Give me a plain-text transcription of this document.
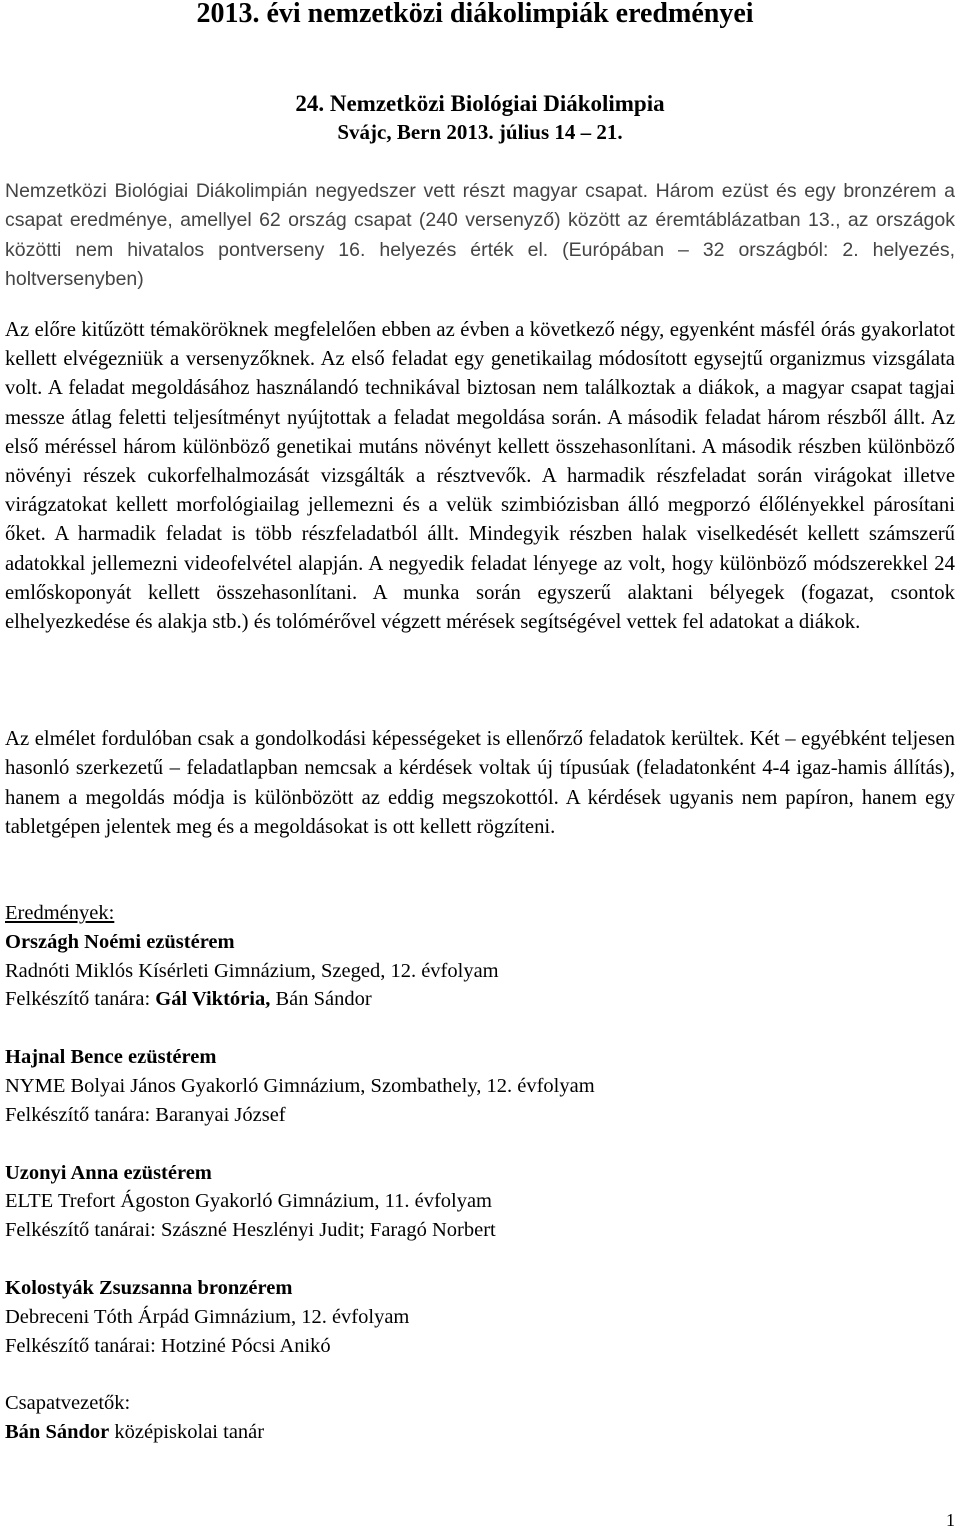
2013. évi nemzetközi diákolimpiák eredményei
24. Nemzetközi Biológiai Diákolimpia
Svájc, Bern 2013. július 14 – 21.
Nemzetközi Biológiai Diákolimpián negyedszer vett részt magyar csapat. Három ezüst és egy bronzérem a csapat eredménye, amellyel 62 ország csapat (240 versenyző) között az éremtáblázatban 13., az országok közötti nem hivatalos pontverseny 16. helyezés érték el. (Európában – 32 országból: 2. helyezés, holtversenyben)
Az előre kitűzött témaköröknek megfelelően ebben az évben a következő négy, egyenként másfél órás gyakorlatot kellett elvégezniük a versenyzőknek. Az első feladat egy genetikailag módosított egysejtű organizmus vizsgálata volt. A feladat megoldásához használandó technikával biztosan nem találkoztak a diákok, a magyar csapat tagjai messze átlag feletti teljesítményt nyújtottak a feladat megoldása során. A második feladat három részből állt. Az első méréssel három különböző genetikai mutáns növényt kellett összehasonlítani. A második részben különböző növényi részek cukorfelhalmozását vizsgálták a résztvevők. A harmadik részfeladat során virágokat illetve virágzatokat kellett morfológiailag jellemezni és a velük szimbiózisban álló megporzó élőlényekkel párosítani őket. A harmadik feladat is több részfeladatból állt. Mindegyik részben halak viselkedését kellett számszerű adatokkal jellemezni videofelvétel alapján. A negyedik feladat lényege az volt, hogy különböző módszerekkel 24 emlőskoponyát kellett összehasonlítani. A munka során egyszerű alaktani bélyegek (fogazat, csontok elhelyezkedése és alakja stb.) és tolómérővel végzett mérések segítségével vettek fel adatokat a diákok.
Az elmélet fordulóban csak a gondolkodási képességeket is ellenőrző feladatok kerültek. Két – egyébként teljesen hasonló szerkezetű – feladatlapban nemcsak a kérdések voltak új típusúak (feladatonként 4-4 igaz-hamis állítás), hanem a megoldás módja is különbözött az eddig megszokottól. A kérdések ugyanis nem papíron, hanem egy tabletgépen jelentek meg és a megoldásokat is ott kellett rögzíteni.
Eredmények:
Országh Noémi ezüstérem
Radnóti Miklós Kísérleti Gimnázium, Szeged, 12. évfolyam
Felkészítő tanára: Gál Viktória, Bán Sándor
Hajnal Bence ezüstérem
NYME Bolyai János Gyakorló Gimnázium, Szombathely, 12. évfolyam
Felkészítő tanára: Baranyai József
Uzonyi Anna ezüstérem
ELTE Trefort Ágoston Gyakorló Gimnázium, 11. évfolyam
Felkészítő tanárai: Szászné Heszlényi Judit; Faragó Norbert
Kolostyák Zsuzsanna bronzérem
Debreceni Tóth Árpád Gimnázium, 12. évfolyam
Felkészítő tanárai: Hotziné Pócsi Anikó
Csapatvezetők:
Bán Sándor középiskolai tanár
1
